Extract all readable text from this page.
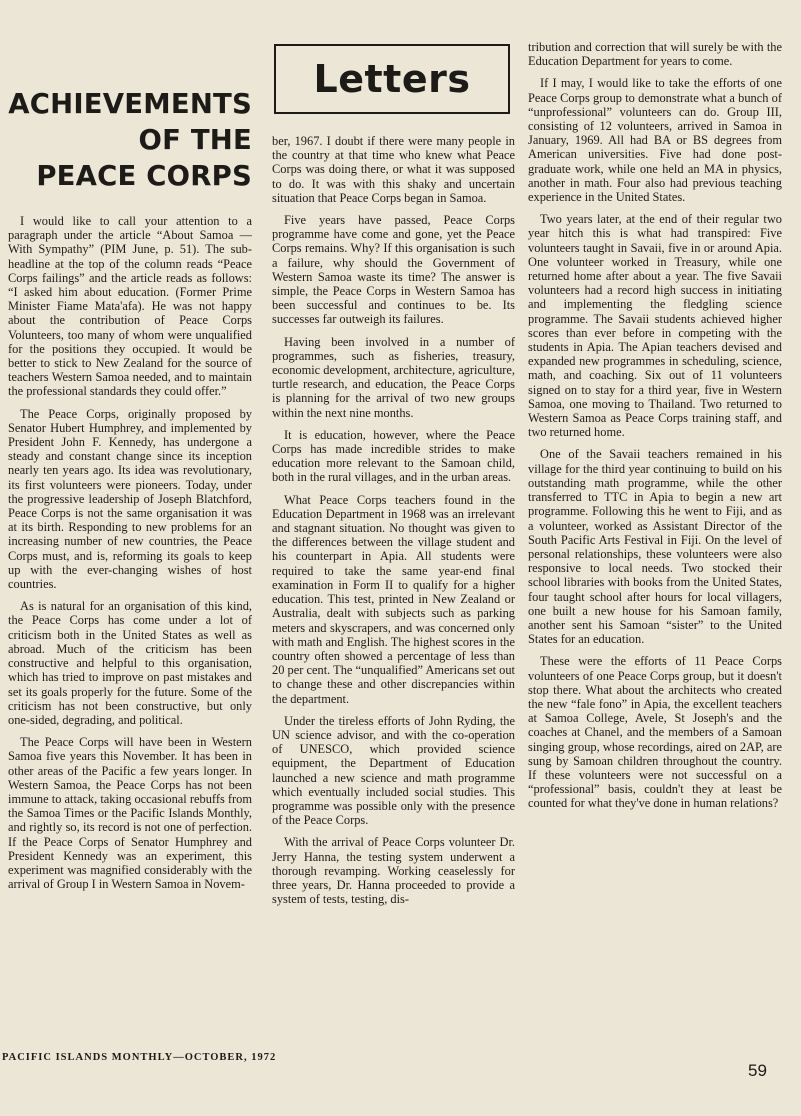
ACHIEVEMENTS
OF THE
PEACE CORPS

I would like to call your attention to a paragraph under the article “About Samoa — With Sympathy” (PIM June, p. 51). The sub-headline at the top of the column reads “Peace Corps failings” and the article reads as follows: “I asked him about education. (Former Prime Minister Fiame Mata'afa). He was not happy about the contribution of Peace Corps Volunteers, too many of whom were unqualified for the positions they occupied. It would be better to stick to New Zealand for the source of teachers Western Samoa needed, and to maintain the professional standards they could offer.”

The Peace Corps, originally proposed by Senator Hubert Humphrey, and implemented by President John F. Kennedy, has undergone a steady and constant change since its inception nearly ten years ago. Its idea was revolutionary, its first volunteers were pioneers. Today, under the progressive leadership of Joseph Blatchford, Peace Corps is not the same organisation it was at its birth. Responding to new problems for an increasing number of new countries, the Peace Corps must, and is, reforming its goals to keep up with the ever-changing wishes of host countries.

As is natural for an organisation of this kind, the Peace Corps has come under a lot of criticism both in the United States as well as abroad. Much of the criticism has been constructive and helpful to this organisation, which has tried to improve on past mistakes and set its goals properly for the future. Some of the criticism has not been constructive, but only one-sided, degrading, and political.

The Peace Corps will have been in Western Samoa five years this November. It has been in other areas of the Pacific a few years longer. In Western Samoa, the Peace Corps has not been immune to attack, taking occasional rebuffs from the Samoa Times or the Pacific Islands Monthly, and rightly so, its record is not one of perfection. If the Peace Corps of Senator Humphrey and President Kennedy was an experiment, this experiment was magnified considerably with the arrival of Group I in Western Samoa in Novem-

Letters

ber, 1967. I doubt if there were many people in the country at that time who knew what Peace Corps was doing there, or what it was supposed to do. It was with this shaky and uncertain situation that Peace Corps began in Samoa.

Five years have passed, Peace Corps programme have come and gone, yet the Peace Corps remains. Why? If this organisation is such a failure, why should the Government of Western Samoa waste its time? The answer is simple, the Peace Corps in Western Samoa has been successful and continues to be. Its successes far outweigh its failures.

Having been involved in a number of programmes, such as fisheries, treasury, economic development, architecture, agriculture, turtle research, and education, the Peace Corps is planning for the arrival of two new groups within the next nine months.

It is education, however, where the Peace Corps has made incredible strides to make education more relevant to the Samoan child, both in the rural villages, and in the urban areas.

What Peace Corps teachers found in the Education Department in 1968 was an irrelevant and stagnant situation. No thought was given to the differences between the village student and his counterpart in Apia. All students were required to take the same year-end final examination in Form II to qualify for a higher education. This test, printed in New Zealand or Australia, dealt with subjects such as parking meters and skyscrapers, and was concerned only with math and English. The highest scores in the country often showed a percentage of less than 20 per cent. The “unqualified” Americans set out to change these and other discrepancies within the department.

Under the tireless efforts of John Ryding, the UN science advisor, and with the co-operation of UNESCO, which provided science equipment, the Department of Education launched a new science and math programme which eventually included social studies. This programme was possible only with the presence of the Peace Corps.

With the arrival of Peace Corps volunteer Dr. Jerry Hanna, the testing system underwent a thorough revamping. Working ceaselessly for three years, Dr. Hanna proceeded to provide a system of tests, testing, dis-

tribution and correction that will surely be with the Education Department for years to come.

If I may, I would like to take the efforts of one Peace Corps group to demonstrate what a bunch of “unprofessional” volunteers can do. Group III, consisting of 12 volunteers, arrived in Samoa in January, 1969. All had BA or BS degrees from American universities. Five had done post-graduate work, while one held an MA in physics, another in math. Four also had previous teaching experience in the United States.

Two years later, at the end of their regular two year hitch this is what had transpired: Five volunteers taught in Savaii, five in or around Apia. One volunteer worked in Treasury, while one returned home after about a year. The five Savaii volunteers had a record high success in initiating and implementing the fledgling science programme. The Savaii students achieved higher scores than ever before in competing with the students in Apia. The Apian teachers devised and expanded new programmes in scheduling, science, math, and coaching. Six out of 11 volunteers signed on to stay for a third year, five in Western Samoa, one moving to Thailand. Two returned to Western Samoa as Peace Corps training staff, and two returned home.

One of the Savaii teachers remained in his village for the third year continuing to build on his outstanding math programme, while the other transferred to TTC in Apia to begin a new art programme. Following this he went to Fiji, and as a volunteer, worked as Assistant Director of the South Pacific Arts Festival in Fiji. On the level of personal relationships, these volunteers were also responsive to local needs. Two stocked their school libraries with books from the United States, four taught school after hours for local villagers, one built a new house for his Samoan family, another sent his Samoan “sister” to the United States for an education.

These were the efforts of 11 Peace Corps volunteers of one Peace Corps group, but it doesn't stop there. What about the architects who created the new “fale fono” in Apia, the excellent teachers at Samoa College, Avele, St Joseph's and the coaches at Chanel, and the members of a Samoan singing group, whose recordings, aired on 2AP, are sung by Samoan children throughout the country. If these volunteers were not successful on a “professional” basis, couldn't they at least be counted for what they've done in human relations?

PACIFIC ISLANDS MONTHLY—OCTOBER, 1972
59
